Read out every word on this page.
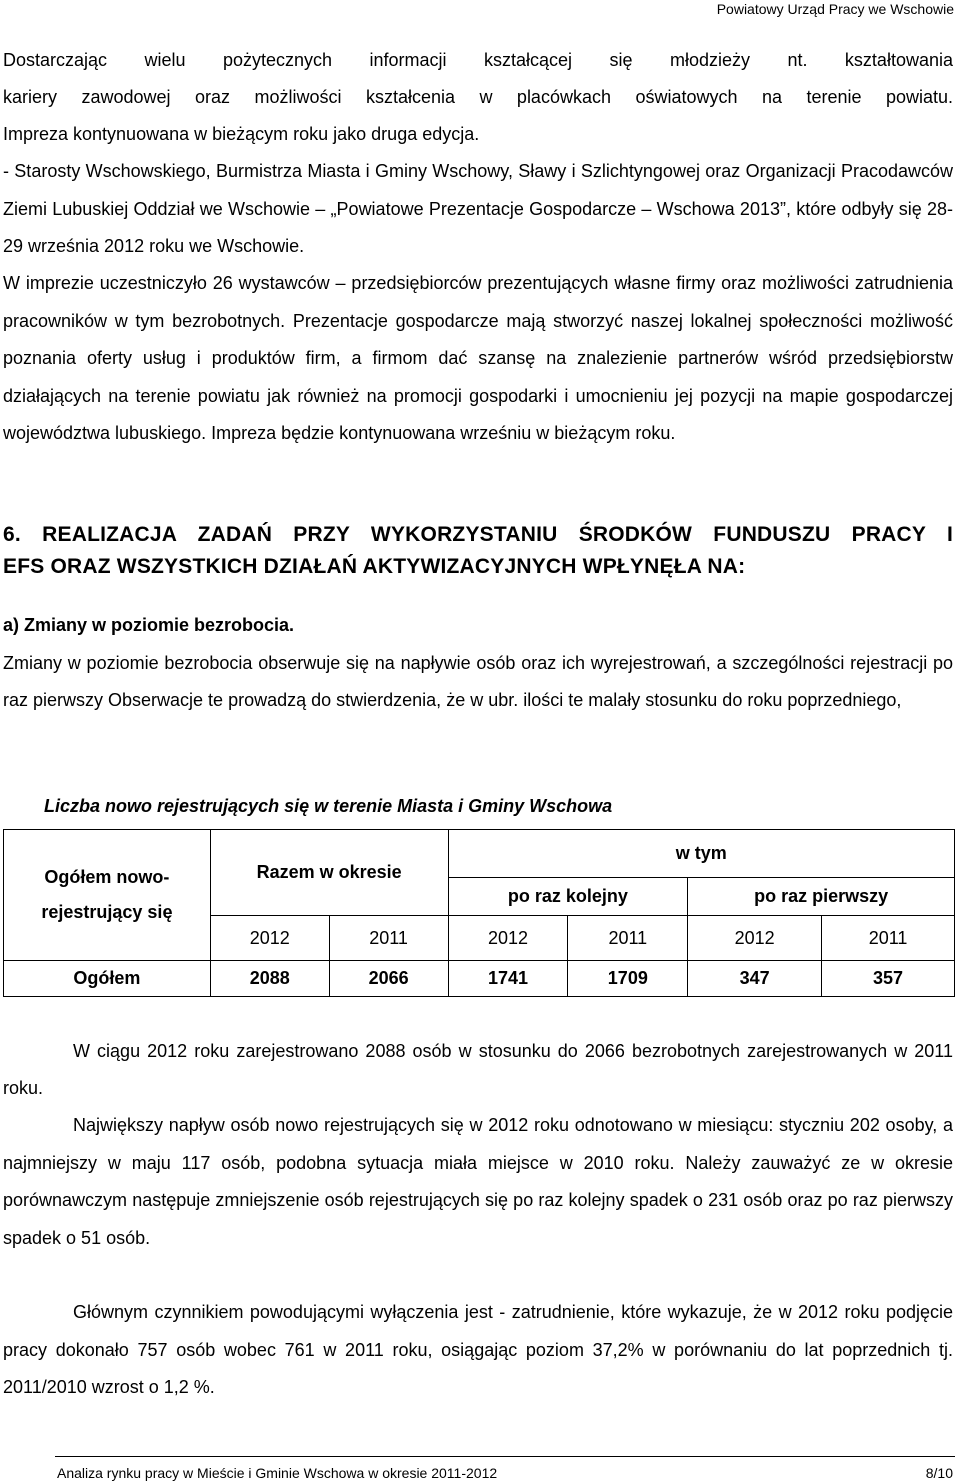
Powiatowy Urząd Pracy we Wschowie
Dostarczając wielu pożytecznych informacji kształcącej się młodzieży nt. kształtowania
kariery zawodowej oraz możliwości kształcenia w placówkach oświatowych na terenie powiatu.
Impreza kontynuowana w bieżącym roku jako druga edycja.
- Starosty Wschowskiego, Burmistrza Miasta i Gminy Wschowy, Sławy i Szlichtyngowej oraz Organizacji Pracodawców Ziemi Lubuskiej Oddział we Wschowie – „Powiatowe Prezentacje Gospodarcze – Wschowa 2013”, które odbyły się 28-29 września 2012 roku we Wschowie.
W imprezie uczestniczyło 26 wystawców – przedsiębiorców prezentujących własne firmy oraz możliwości zatrudnienia pracowników w tym bezrobotnych. Prezentacje gospodarcze mają stworzyć naszej lokalnej społeczności możliwość poznania oferty usług i produktów firm, a firmom dać szansę na znalezienie partnerów wśród przedsiębiorstw działających na terenie powiatu jak również na promocji gospodarki i umocnieniu jej pozycji na mapie gospodarczej województwa lubuskiego. Impreza będzie kontynuowana wrześniu w bieżącym roku.
6. REALIZACJA ZADAŃ PRZY WYKORZYSTANIU ŚRODKÓW FUNDUSZU PRACY I
EFS ORAZ WSZYSTKICH DZIAŁAŃ AKTYWIZACYJNYCH WPŁYNĘŁA NA:
a) Zmiany w poziomie bezrobocia.
Zmiany w poziomie bezrobocia obserwuje się na napływie osób oraz ich wyrejestrowań, a szczególności rejestracji po raz pierwszy Obserwacje te prowadzą do stwierdzenia, że w ubr. ilości te malały stosunku do roku poprzedniego,
Liczba nowo rejestrujących się w terenie Miasta i Gminy Wschowa
Ogółem nowo-
rejestrujący się	Razem w okresie		w tym			
			po raz kolejny		po raz pierwszy	
	2012	2011	2012	2011	2012	2011
Ogółem	2088	2066	1741	1709	347	357
W ciągu 2012 roku zarejestrowano 2088 osób w stosunku do 2066 bezrobotnych zarejestrowanych w 2011 roku.
Największy napływ osób nowo rejestrujących się w 2012 roku odnotowano w miesiącu: styczniu 202 osoby, a najmniejszy w maju 117 osób, podobna sytuacja miała miejsce w 2010 roku. Należy zauważyć ze w okresie porównawczym następuje zmniejszenie osób rejestrujących się po raz kolejny spadek o 231 osób oraz po raz pierwszy spadek o 51 osób.
Głównym czynnikiem powodującymi wyłączenia jest - zatrudnienie, które wykazuje, że w 2012 roku podjęcie pracy dokonało 757 osób wobec 761 w 2011 roku, osiągając poziom 37,2% w porównaniu do lat poprzednich tj. 2011/2010 wzrost o 1,2 %.
Analiza rynku pracy w Mieście i Gminie Wschowa w okresie 2011-2012	8/10
